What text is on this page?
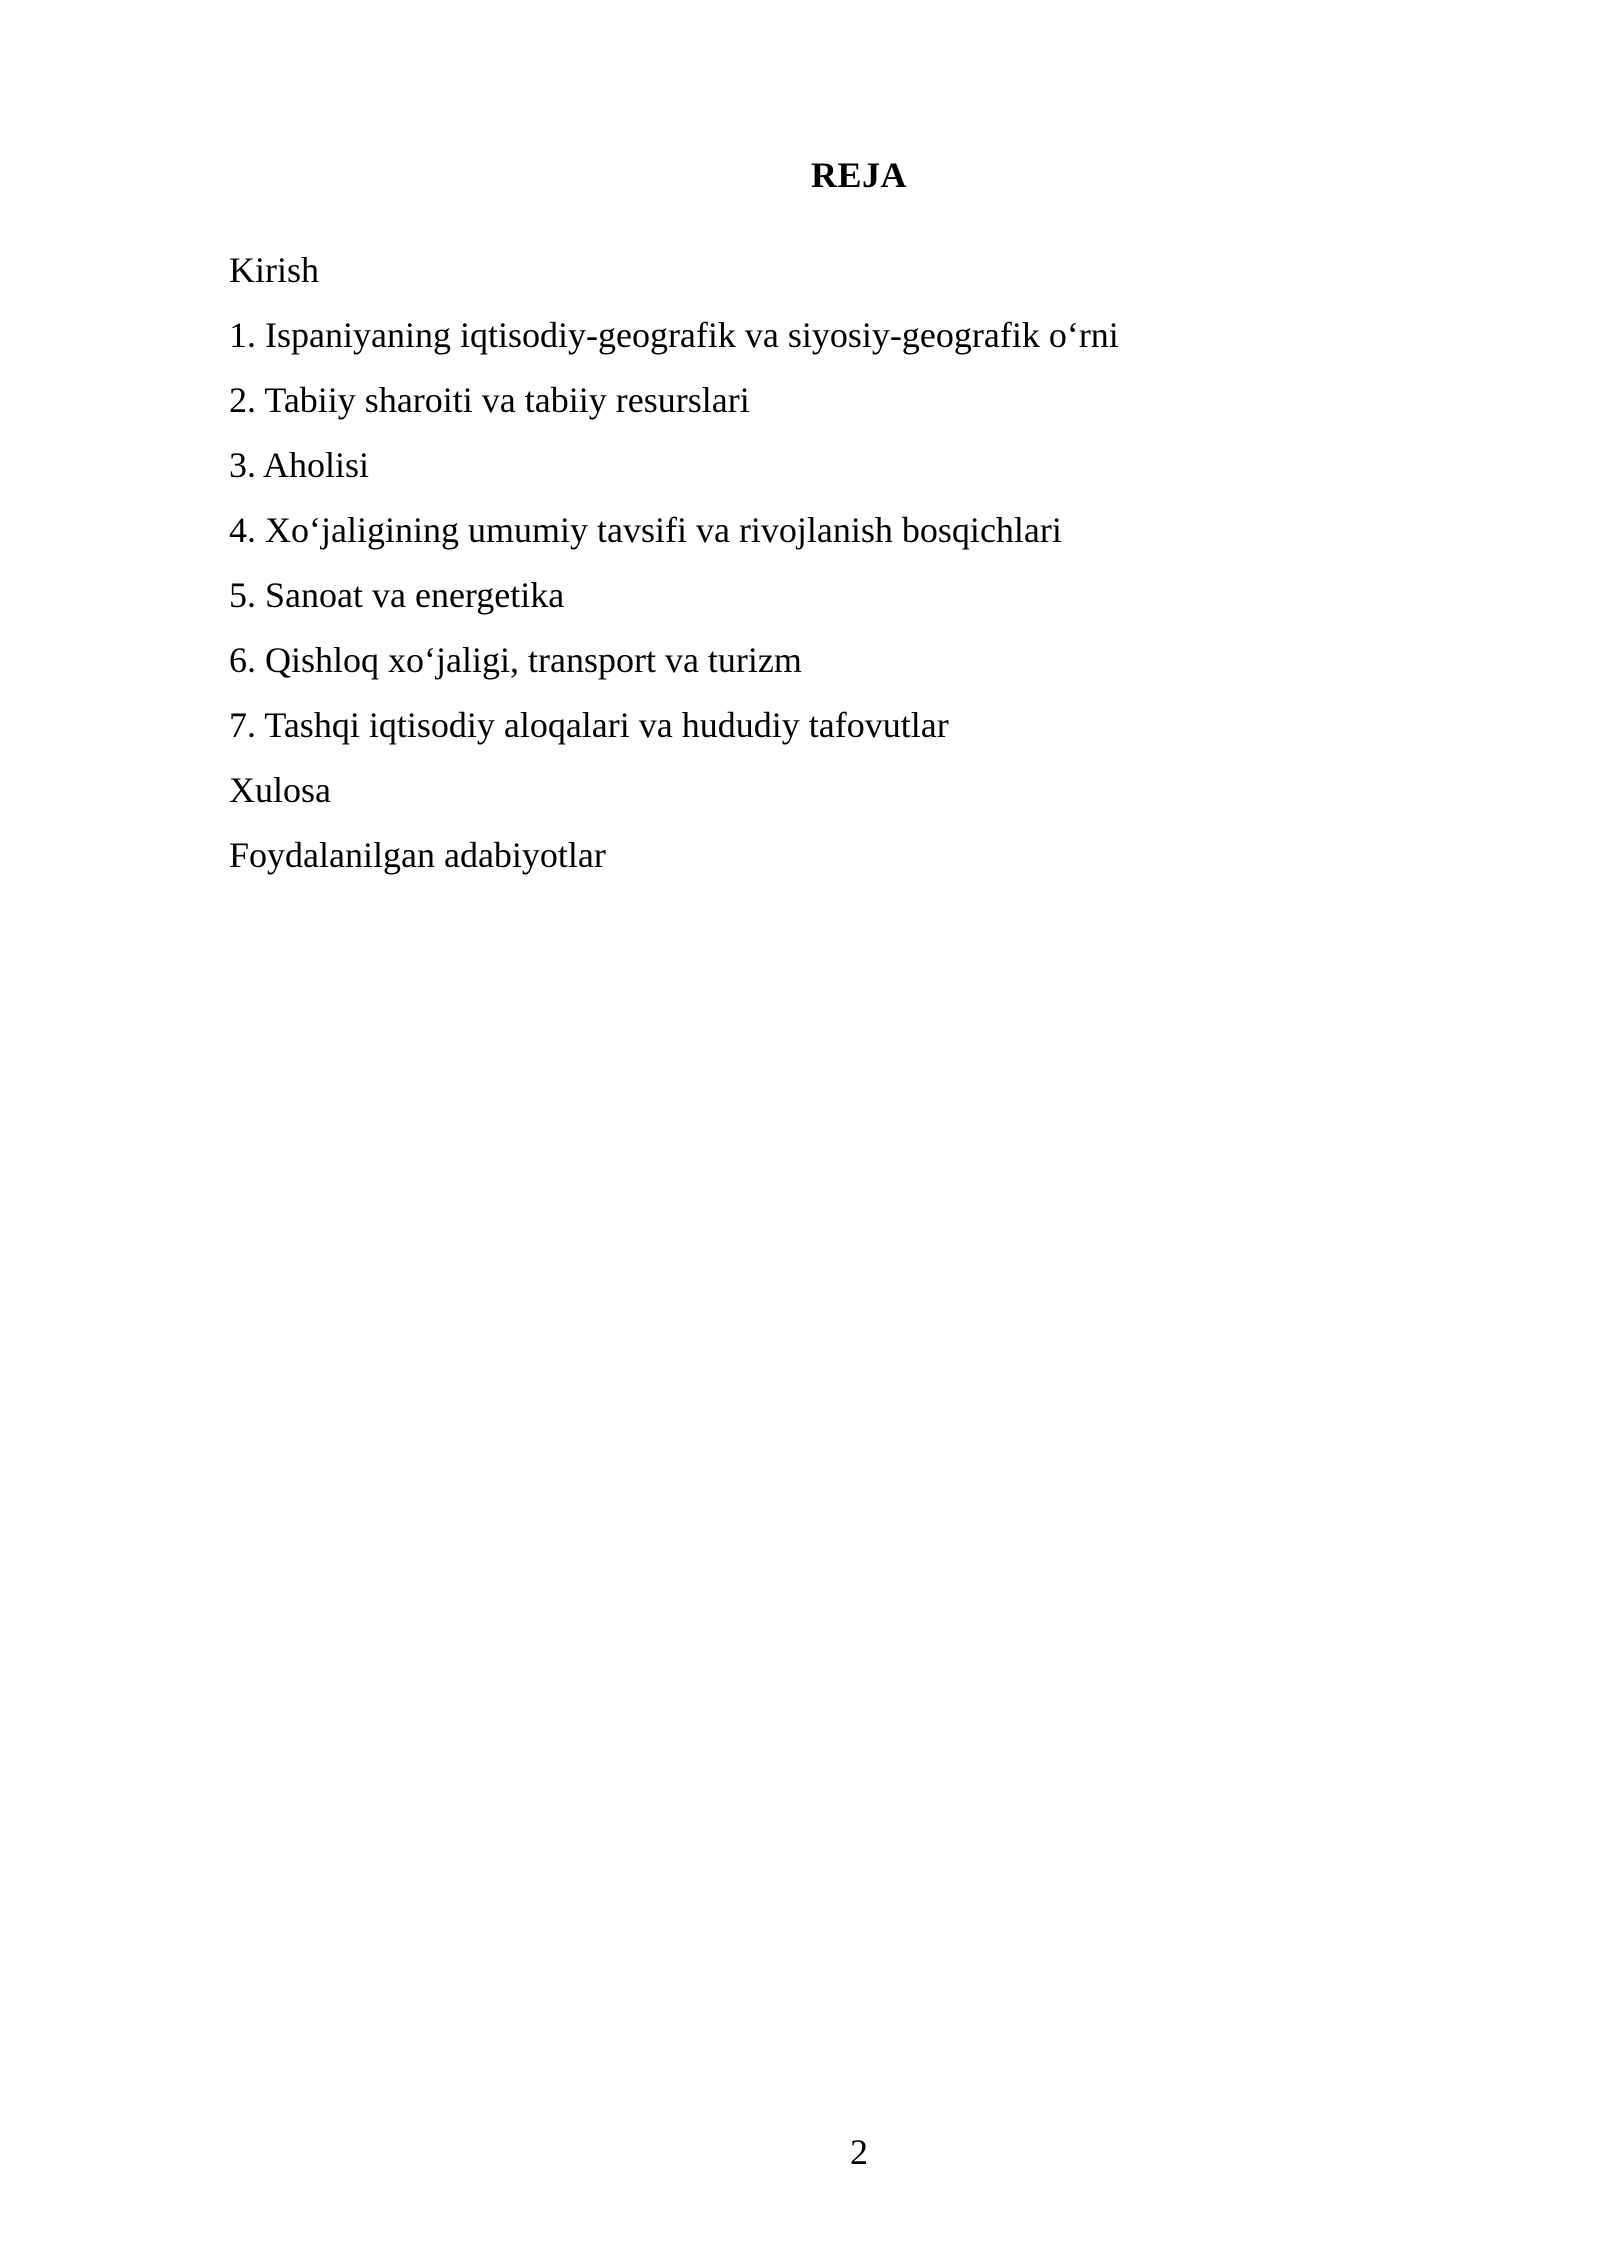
REJA
Kirish
1. Ispaniyaning iqtisodiy-geografik va siyosiy-geografik o‘rni
2. Tabiiy sharoiti va tabiiy resurslari
3. Aholisi
4. Xo‘jaligining umumiy tavsifi va rivojlanish bosqichlari
5. Sanoat va energetika
6. Qishloq xo‘jaligi, transport va turizm
7. Tashqi iqtisodiy aloqalari va hududiy tafovutlar
Xulosa
Foydalanilgan adabiyotlar
2
